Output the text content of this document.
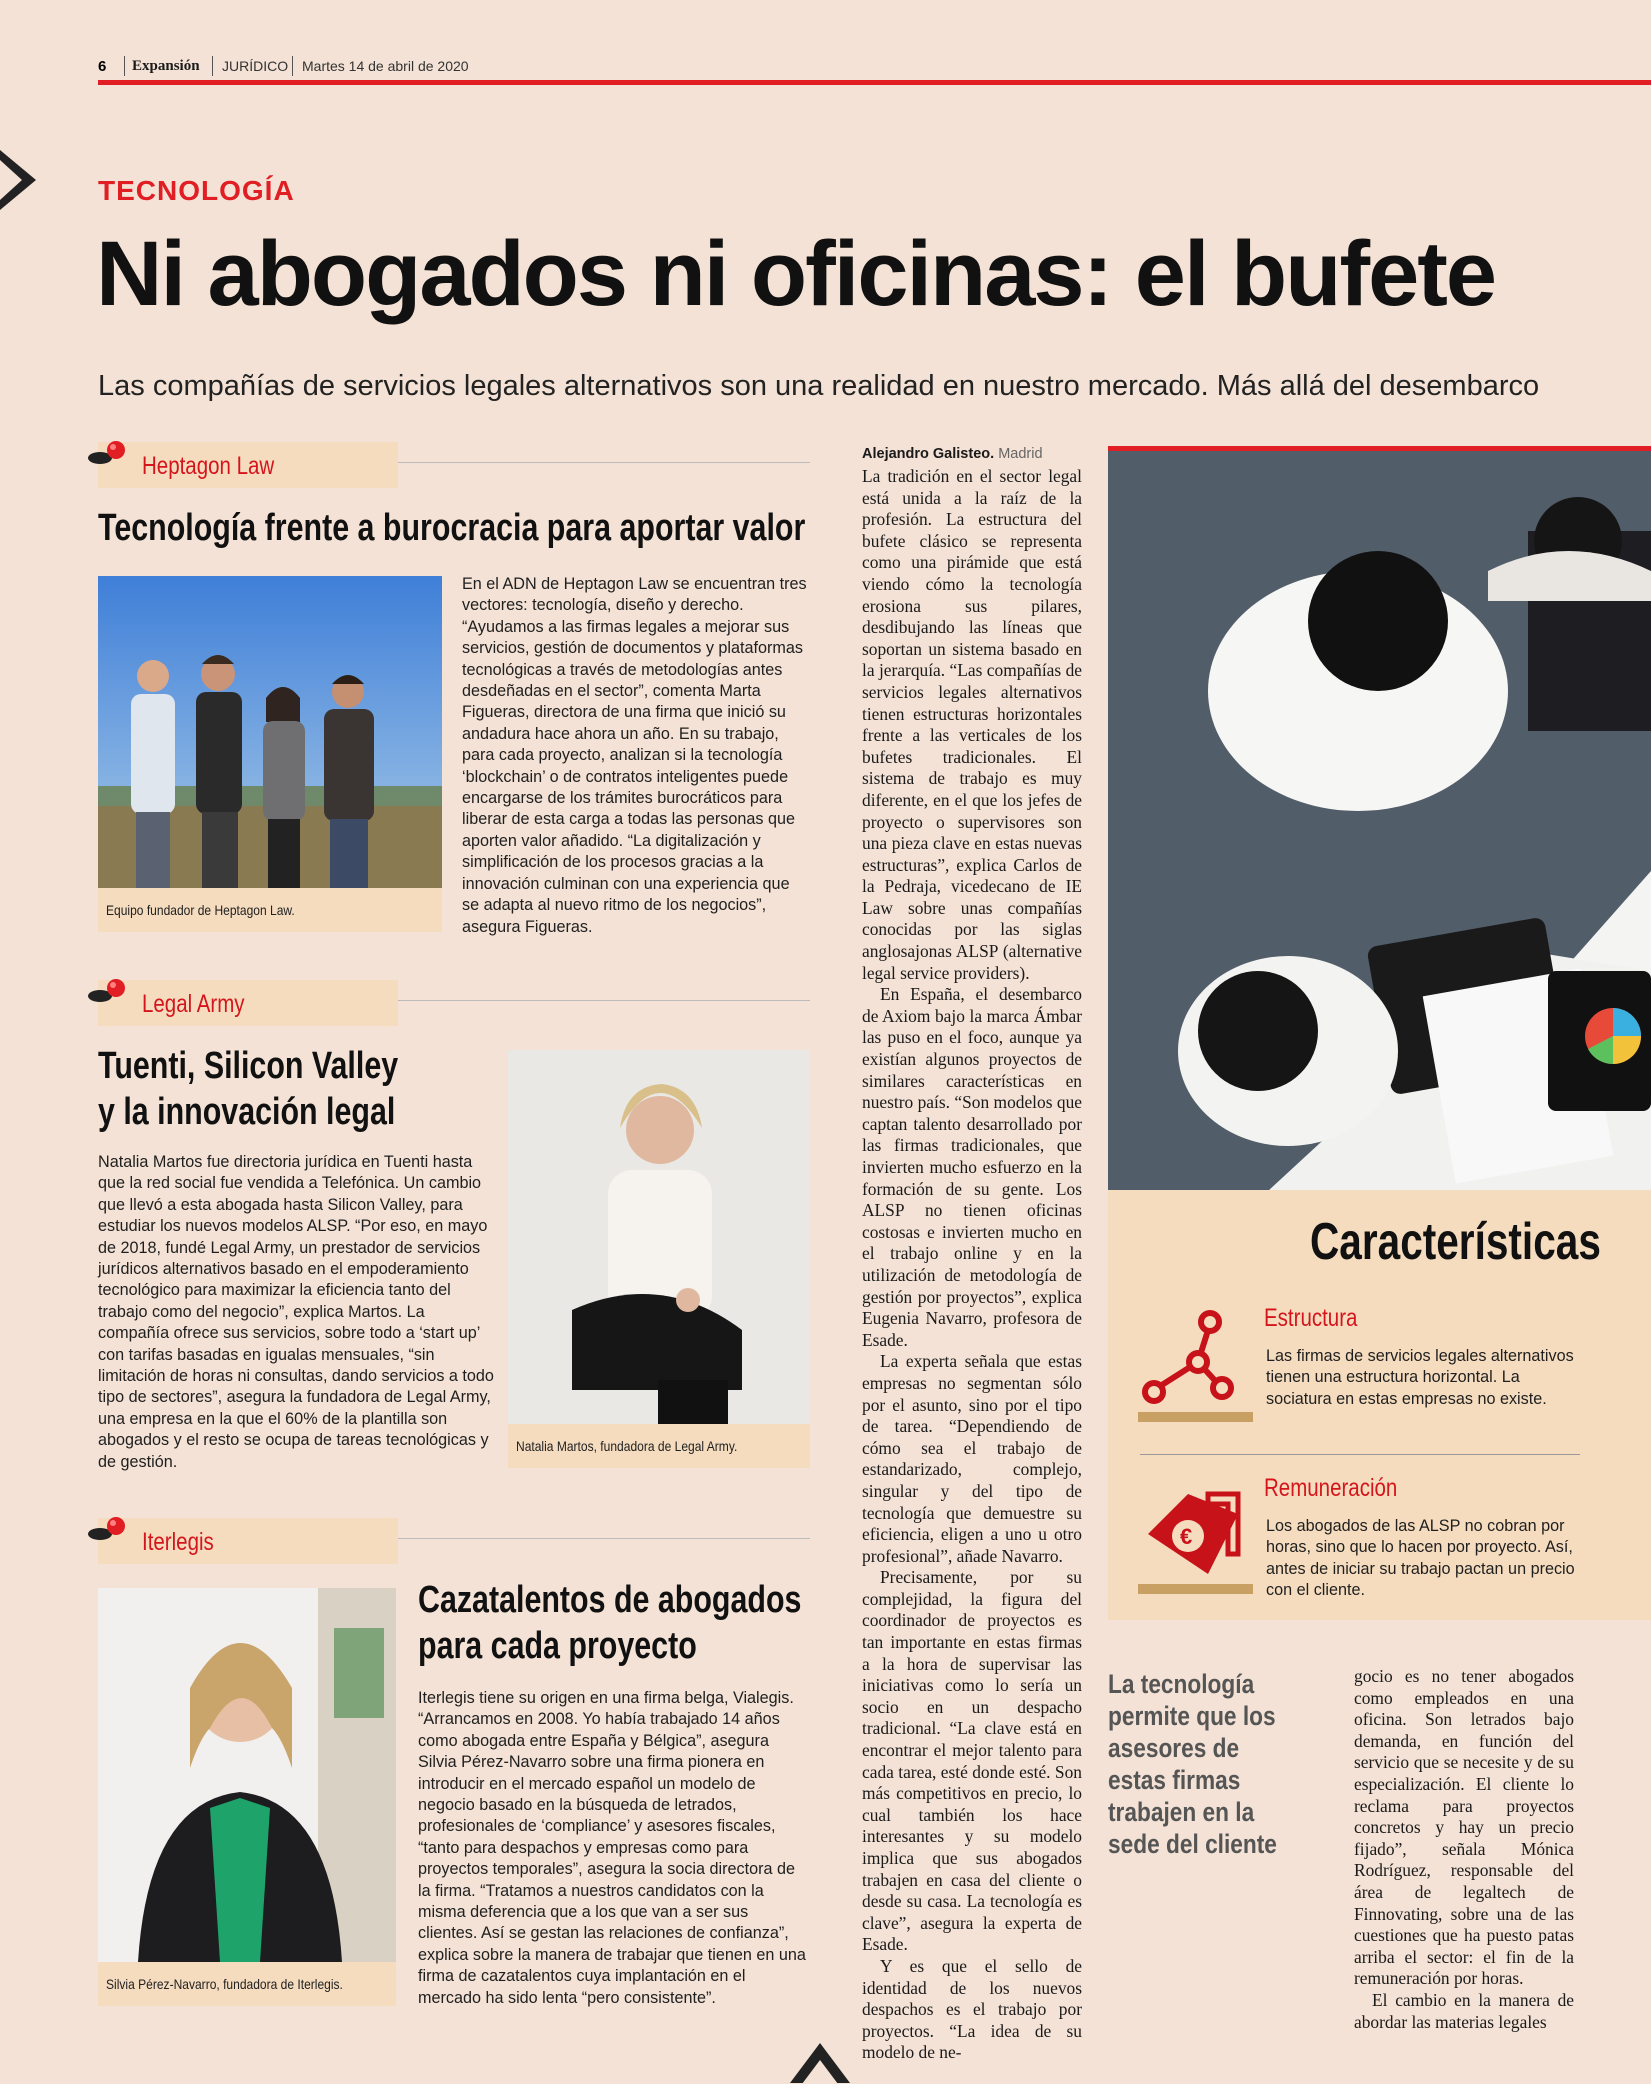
6 Expansión JURÍDICO Martes 14 de abril de 2020
TECNOLOGÍA
Ni abogados ni oficinas: el bufete
Las compañías de servicios legales alternativos son una realidad en nuestro mercado. Más allá del desembarco
Heptagon Law
Tecnología frente a burocracia para aportar valor
Equipo fundador de Heptagon Law.
En el ADN de Heptagon Law se encuentran tres vectores: tecnología, diseño y derecho. “Ayudamos a las firmas legales a mejorar sus servicios, gestión de documentos y plataformas tecnológicas a través de metodologías antes desdeñadas en el sector”, comenta Marta Figueras, directora de una firma que inició su andadura hace ahora un año. En su trabajo, para cada proyecto, analizan si la tecnología ‘blockchain’ o de contratos inteligentes puede encargarse de los trámites burocráticos para liberar de esta carga a todas las personas que aporten valor añadido. “La digitalización y simplificación de los procesos gracias a la innovación culminan con una experiencia que se adapta al nuevo ritmo de los negocios”, asegura Figueras.
Legal Army
Tuenti, Silicon Valley
y la innovación legal
Natalia Martos fue directoria jurídica en Tuenti hasta que la red social fue vendida a Telefónica. Un cambio que llevó a esta abogada hasta Silicon Valley, para estudiar los nuevos modelos ALSP. “Por eso, en mayo de 2018, fundé Legal Army, un prestador de servicios jurídicos alternativos basado en el empoderamiento tecnológico para maximizar la eficiencia tanto del trabajo como del negocio”, explica Martos. La compañía ofrece sus servicios, sobre todo a ‘start up’ con tarifas basadas en igualas mensuales, “sin limitación de horas ni consultas, dando servicios a todo tipo de sectores”, asegura la fundadora de Legal Army, una empresa en la que el 60% de la plantilla son abogados y el resto se ocupa de tareas tecnológicas y de gestión.
Natalia Martos, fundadora de Legal Army.
Iterlegis
Silvia Pérez-Navarro, fundadora de Iterlegis.
Cazatalentos de abogados
para cada proyecto
Iterlegis tiene su origen en una firma belga, Vialegis. “Arrancamos en 2008. Yo había trabajado 14 años como abogada entre España y Bélgica”, asegura Silvia Pérez-Navarro sobre una firma pionera en introducir en el mercado español un modelo de negocio basado en la búsqueda de letrados, profesionales de ‘compliance’ y asesores fiscales, “tanto para despachos y empresas como para proyectos temporales”, asegura la socia directora de la firma. “Tratamos a nuestros candidatos con la misma deferencia que a los que van a ser sus clientes. Así se gestan las relaciones de confianza”, explica sobre la manera de trabajar que tienen en una firma de cazatalentos cuya implantación en el mercado ha sido lenta “pero consistente”.
Alejandro Galisteo. Madrid

La tradición en el sector legal está unida a la raíz de la profesión. La estructura del bufete clásico se representa como una pirámide que está viendo cómo la tecnología erosiona sus pilares, desdibujando las líneas que soportan un sistema basado en la jerarquía. “Las compañías de servicios legales alternativos tienen estructuras horizontales frente a las verticales de los bufetes tradicionales. El sistema de trabajo es muy diferente, en el que los jefes de proyecto o supervisores son una pieza clave en estas nuevas estructuras”, explica Carlos de la Pedraja, vicedecano de IE Law sobre unas compañías conocidas por las siglas anglosajonas ALSP (alternative legal service providers).

En España, el desembarco de Axiom bajo la marca Ámbar las puso en el foco, aunque ya existían algunos proyectos de similares características en nuestro país. “Son modelos que captan talento desarrollado por las firmas tradicionales, que invierten mucho esfuerzo en la formación de su gente. Los ALSP no tienen oficinas costosas e invierten mucho en el trabajo online y en la utilización de metodología de gestión por proyectos”, explica Eugenia Navarro, profesora de Esade.

La experta señala que estas empresas no segmentan sólo por el asunto, sino por el tipo de tarea. “Dependiendo de cómo sea el trabajo de estandarizado, complejo, singular y del tipo de tecnología que demuestre su eficiencia, eligen a uno u otro profesional”, añade Navarro.

Precisamente, por su complejidad, la figura del coordinador de proyectos es tan importante en estas firmas a la hora de supervisar las iniciativas como lo sería un socio en un despacho tradicional. “La clave está en encontrar el mejor talento para cada tarea, esté donde esté. Son más competitivos en precio, lo cual también los hace interesantes y su modelo implica que sus abogados trabajen en casa del cliente o desde su casa. La tecnología es clave”, asegura la experta de Esade.

Y es que el sello de identidad de los nuevos despachos es el trabajo por proyectos. “La idea de su modelo de ne-

Características
Estructura
Las firmas de servicios legales alternativos tienen una estructura horizontal. La sociatura en estas empresas no existe.
€
Remuneración
Los abogados de las ALSP no cobran por horas, sino que lo hacen por proyecto. Así, antes de iniciar su trabajo pactan un precio con el cliente.
La tecnología permite que los asesores de estas firmas trabajen en la sede del cliente

gocio es no tener abogados como empleados en una oficina. Son letrados bajo demanda, en función del servicio que se necesite y de su especialización. El cliente lo reclama para proyectos concretos y hay un precio fijado”, señala Mónica Rodríguez, responsable del área de legaltech de Finnovating, sobre una de las cuestiones que ha puesto patas arriba el sector: el fin de la remuneración por horas.

El cambio en la manera de abordar las materias legales
